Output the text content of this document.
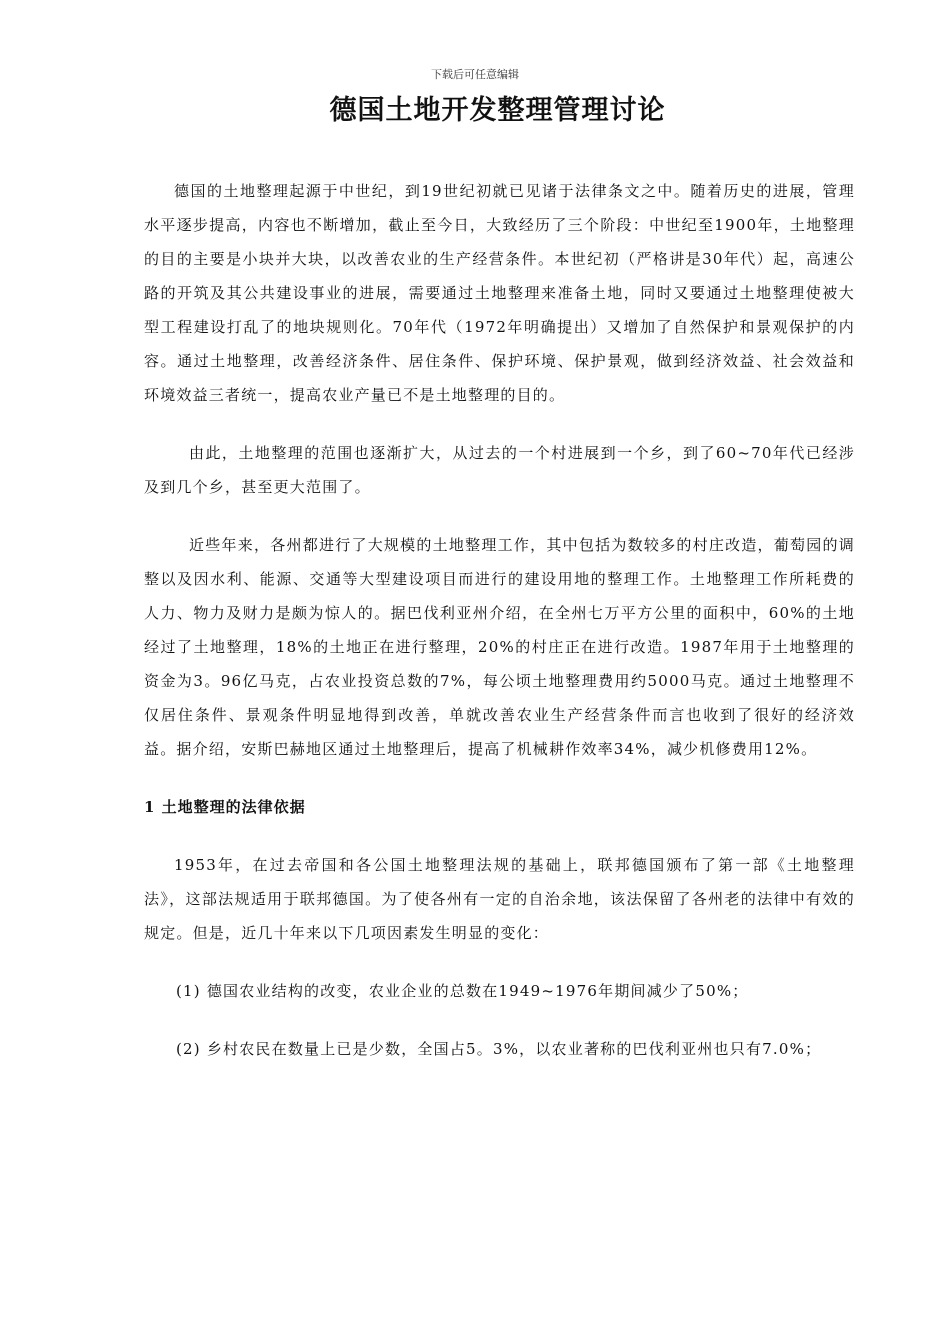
下载后可任意编辑
德国土地开发整理管理讨论

德国的土地整理起源于中世纪，到19世纪初就已见诸于法律条文之中。随着历史的进展，管理水平逐步提高，内容也不断增加，截止至今日，大致经历了三个阶段：中世纪至1900年，土地整理的目的主要是小块并大块，以改善农业的生产经营条件。本世纪初（严格讲是30年代）起，高速公路的开筑及其公共建设事业的进展，需要通过土地整理来准备土地，同时又要通过土地整理使被大型工程建设打乱了的地块规则化。70年代（1972年明确提出）又增加了自然保护和景观保护的内容。通过土地整理，改善经济条件、居住条件、保护环境、保护景观，做到经济效益、社会效益和环境效益三者统一，提高农业产量已不是土地整理的目的。

由此，土地整理的范围也逐渐扩大，从过去的一个村进展到一个乡，到了60~70年代已经涉及到几个乡，甚至更大范围了。

近些年来，各州都进行了大规模的土地整理工作，其中包括为数较多的村庄改造，葡萄园的调整以及因水利、能源、交通等大型建设项目而进行的建设用地的整理工作。土地整理工作所耗费的人力、物力及财力是颇为惊人的。据巴伐利亚州介绍，在全州七万平方公里的面积中，60%的土地经过了土地整理，18%的土地正在进行整理，20%的村庄正在进行改造。1987年用于土地整理的资金为3。96亿马克，占农业投资总数的7%，每公顷土地整理费用约5000马克。通过土地整理不仅居住条件、景观条件明显地得到改善，单就改善农业生产经营条件而言也收到了很好的经济效益。据介绍，安斯巴赫地区通过土地整理后，提高了机械耕作效率34%，减少机修费用12%。

1 土地整理的法律依据

1953年，在过去帝国和各公国土地整理法规的基础上，联邦德国颁布了第一部《土地整理法》，这部法规适用于联邦德国。为了使各州有一定的自治余地，该法保留了各州老的法律中有效的规定。但是，近几十年来以下几项因素发生明显的变化：

(1) 德国农业结构的改变，农业企业的总数在1949~1976年期间减少了50%；

(2) 乡村农民在数量上已是少数，全国占5。3%，以农业著称的巴伐利亚州也只有7.0%；
